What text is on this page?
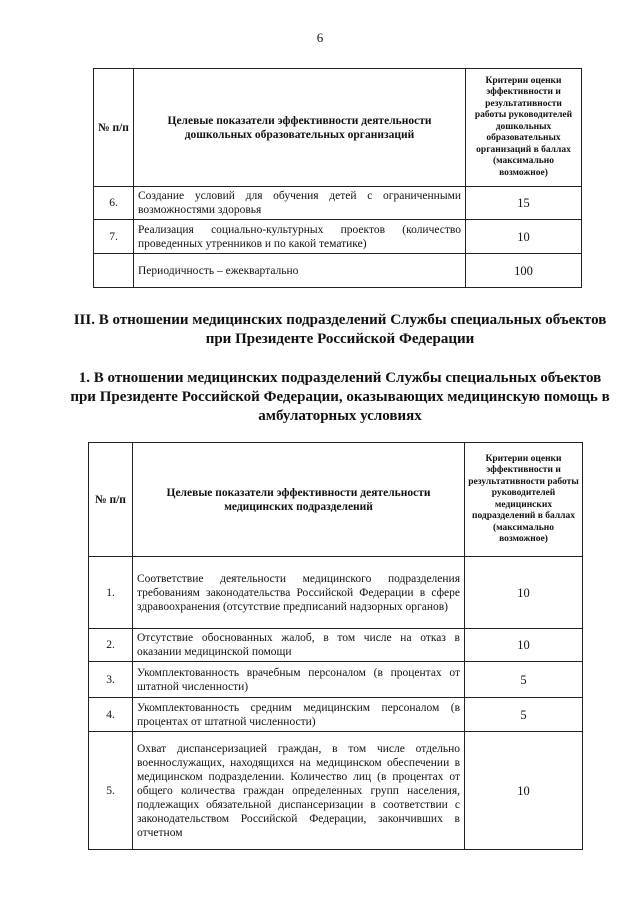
6
№ п/п	Целевые показатели эффективности деятельности дошкольных образовательных организаций	Критерии оценки эффективности и результативности работы руководителей дошкольных образовательных организаций в баллах (максимально возможное)
6.	Создание условий для обучения детей с ограниченными возможностями здоровья	15
7.	Реализация социально-культурных проектов (количество проведенных утренников и по какой тематике)	10
	Периодичность – ежеквартально	100
III. В отношении медицинских подразделений Службы специальных объектов при Президенте Российской Федерации
1. В отношении медицинских подразделений Службы специальных объектов при Президенте Российской Федерации, оказывающих медицинскую помощь в амбулаторных условиях
№ п/п	Целевые показатели эффективности деятельности медицинских подразделений	Критерии оценки эффективности и результативности работы руководителей медицинских подразделений в баллах (максимально возможное)
1.	Соответствие деятельности медицинского подразделения требованиям законодательства Российской Федерации в сфере здравоохранения (отсутствие предписаний надзорных органов)	10
2.	Отсутствие обоснованных жалоб, в том числе на отказ в оказании медицинской помощи	10
3.	Укомплектованность врачебным персоналом (в процентах от штатной численности)	5
4.	Укомплектованность средним медицинским персоналом (в процентах от штатной численности)	5
5.	Охват диспансеризацией граждан, в том числе отдельно военнослужащих, находящихся на медицинском обеспечении в медицинском подразделении. Количество лиц (в процентах от общего количества граждан определенных групп населения, подлежащих обязательной диспансеризации в соответствии с законодательством Российской Федерации, закончивших в отчетном	10
